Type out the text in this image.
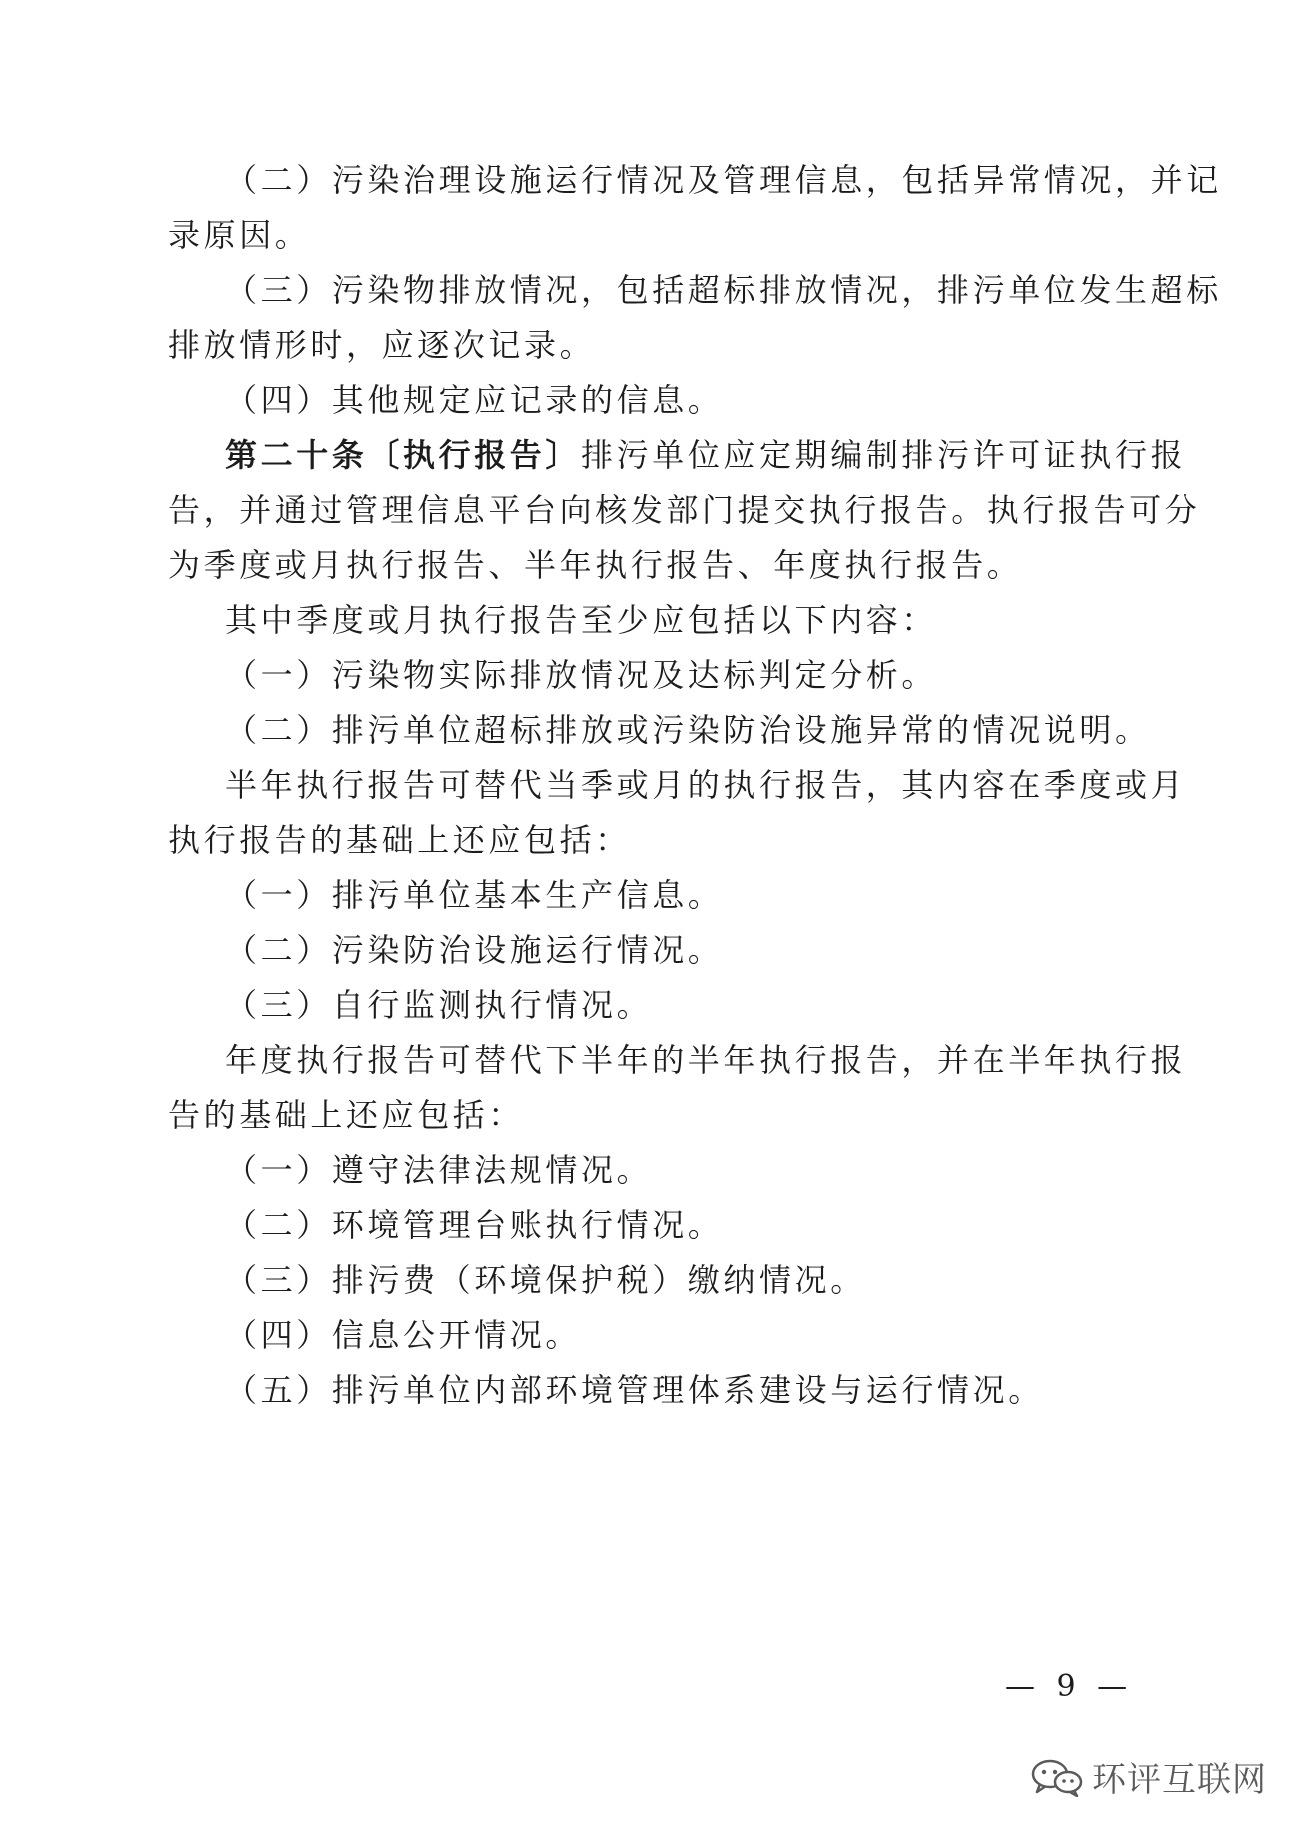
（二）污染治理设施运行情况及管理信息，包括异常情况，并记
录原因。
（三）污染物排放情况，包括超标排放情况，排污单位发生超标
排放情形时，应逐次记录。
（四）其他规定应记录的信息。
第二十条〔执行报告〕排污单位应定期编制排污许可证执行报
告，并通过管理信息平台向核发部门提交执行报告。执行报告可分
为季度或月执行报告、半年执行报告、年度执行报告。
其中季度或月执行报告至少应包括以下内容：
（一）污染物实际排放情况及达标判定分析。
（二）排污单位超标排放或污染防治设施异常的情况说明。
半年执行报告可替代当季或月的执行报告，其内容在季度或月
执行报告的基础上还应包括：
（一）排污单位基本生产信息。
（二）污染防治设施运行情况。
（三）自行监测执行情况。
年度执行报告可替代下半年的半年执行报告，并在半年执行报
告的基础上还应包括：
（一）遵守法律法规情况。
（二）环境管理台账执行情况。
（三）排污费（环境保护税）缴纳情况。
（四）信息公开情况。
（五）排污单位内部环境管理体系建设与运行情况。
— 9 —
环评互联网
